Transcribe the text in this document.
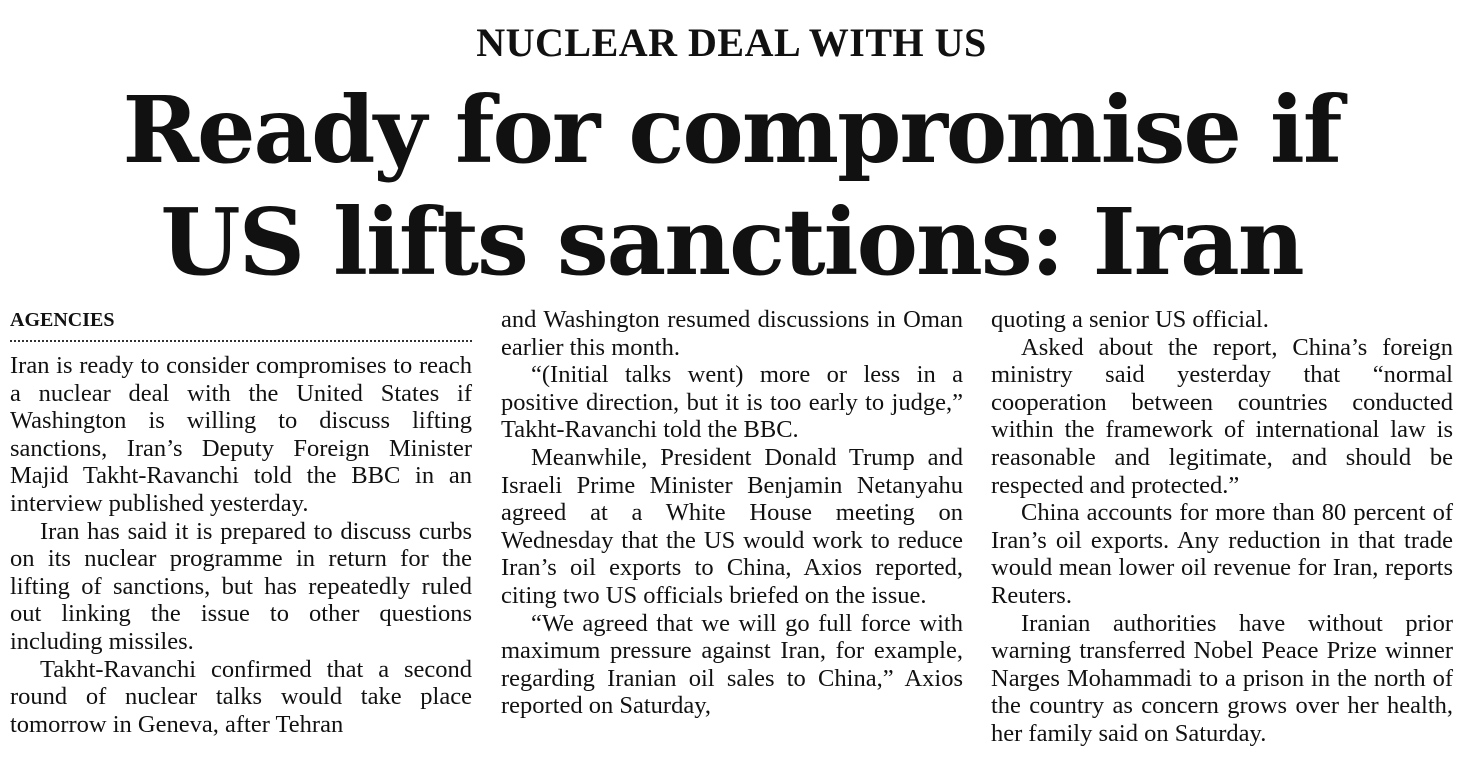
NUCLEAR DEAL WITH US
Ready for compromise if
US lifts sanctions: Iran
AGENCIES

Iran is ready to consider compromises to reach a nuclear deal with the United States if Washington is willing to discuss lifting sanctions, Iran’s Deputy Foreign Minister Majid Takht-Ravanchi told the BBC in an interview published yesterday.

Iran has said it is prepared to discuss curbs on its nuclear programme in return for the lifting of sanctions, but has repeatedly ruled out linking the issue to other questions including missiles.

Takht-Ravanchi confirmed that a second round of nuclear talks would take place tomorrow in Geneva, after Tehran

and Washington resumed discussions in Oman earlier this month.

“(Initial talks went) more or less in a positive direction, but it is too early to judge,” Takht-Ravanchi told the BBC.

Meanwhile, President Donald Trump and Israeli Prime Minister Benjamin Netanyahu agreed at a White House meeting on Wednesday that the US would work to reduce Iran’s oil exports to China, Axios reported, citing two US officials briefed on the issue.

“We agreed that we will go full force with maximum pressure against Iran, for example, regarding Iranian oil sales to China,” Axios reported on Saturday,

quoting a senior US official.

Asked about the report, China’s foreign ministry said yesterday that “normal cooperation between countries conducted within the framework of international law is reasonable and legitimate, and should be respected and protected.”

China accounts for more than 80 percent of Iran’s oil exports. Any reduction in that trade would mean lower oil revenue for Iran, reports Reuters.

Iranian authorities have without prior warning transferred Nobel Peace Prize winner Narges Mohammadi to a prison in the north of the country as concern grows over her health, her family said on Saturday.
